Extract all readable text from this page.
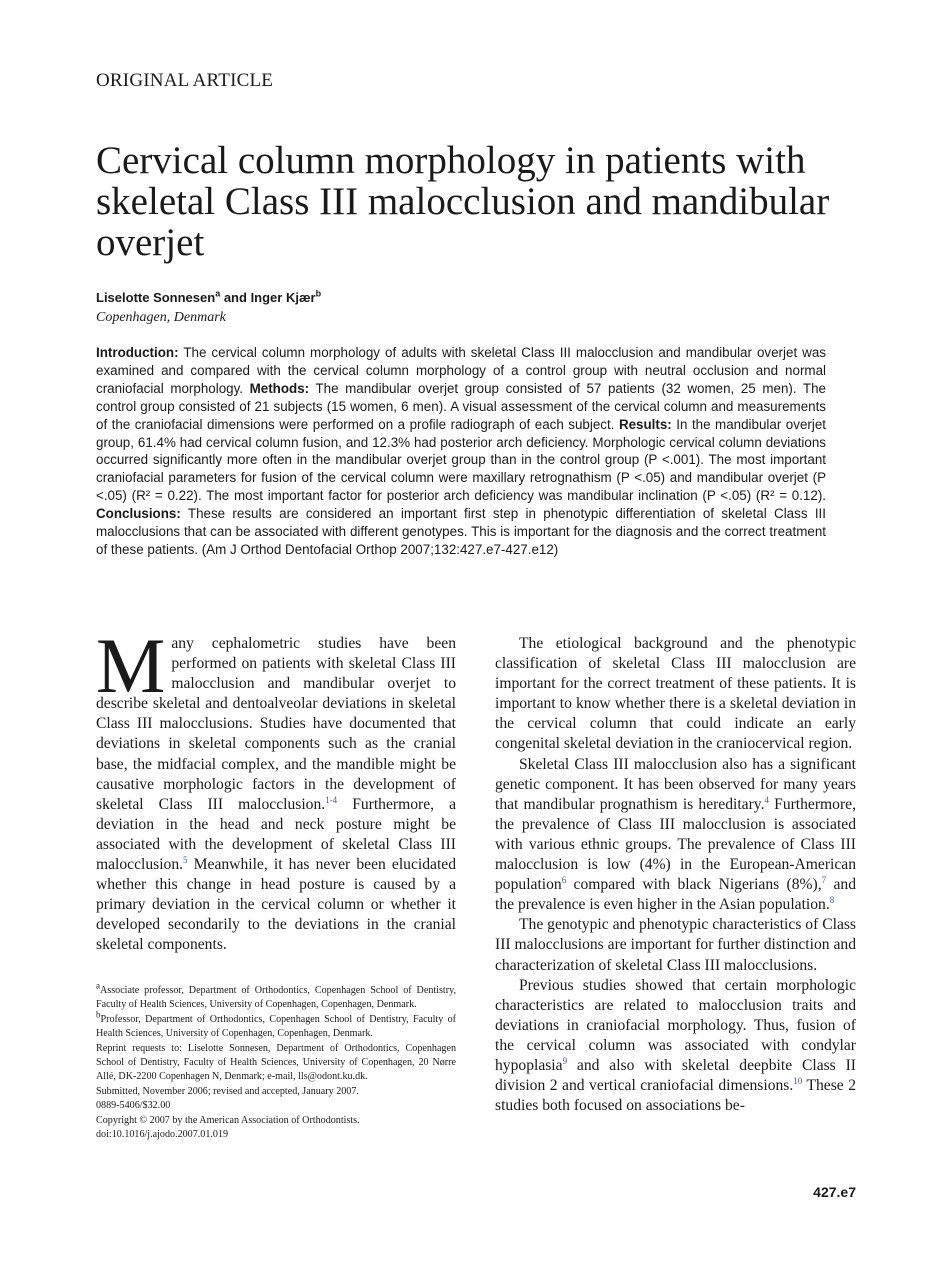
ORIGINAL ARTICLE
Cervical column morphology in patients with skeletal Class III malocclusion and mandibular overjet
Liselotte Sonnesen$^a$ and Inger Kjær$^b$
Copenhagen, Denmark

Introduction: The cervical column morphology of adults with skeletal Class III malocclusion and mandibular overjet was examined and compared with the cervical column morphology of a control group with neutral occlusion and normal craniofacial morphology. Methods: The mandibular overjet group consisted of 57 patients (32 women, 25 men). The control group consisted of 21 subjects (15 women, 6 men). A visual assessment of the cervical column and measurements of the craniofacial dimensions were performed on a profile radiograph of each subject. Results: In the mandibular overjet group, 61.4% had cervical column fusion, and 12.3% had posterior arch deficiency. Morphologic cervical column deviations occurred significantly more often in the mandibular overjet group than in the control group (P <.001). The most important craniofacial parameters for fusion of the cervical column were maxillary retrognathism (P <.05) and mandibular overjet (P <.05) (R² = 0.22). The most important factor for posterior arch deficiency was mandibular inclination (P <.05) (R² = 0.12). Conclusions: These results are considered an important first step in phenotypic differentiation of skeletal Class III malocclusions that can be associated with different genotypes. This is important for the diagnosis and the correct treatment of these patients. (Am J Orthod Dentofacial Orthop 2007;132:427.e7-427.e12)

Many cephalometric studies have been performed on patients with skeletal Class III malocclusion and mandibular overjet to describe skeletal and dentoalveolar deviations in skeletal Class III malocclusions. Studies have documented that deviations in skeletal components such as the cranial base, the midfacial complex, and the mandible might be causative morphologic factors in the development of skeletal Class III malocclusion.$^{1-4}$ Furthermore, a deviation in the head and neck posture might be associated with the development of skeletal Class III malocclusion.$^5$ Meanwhile, it has never been elucidated whether this change in head posture is caused by a primary deviation in the cervical column or whether it developed secondarily to the deviations in the cranial skeletal components.

The etiological background and the phenotypic classification of skeletal Class III malocclusion are important for the correct treatment of these patients. It is important to know whether there is a skeletal deviation in the cervical column that could indicate an early congenital skeletal deviation in the craniocervical region.

Skeletal Class III malocclusion also has a significant genetic component. It has been observed for many years that mandibular prognathism is hereditary.$^4$ Furthermore, the prevalence of Class III malocclusion is associated with various ethnic groups. The prevalence of Class III malocclusion is low (4%) in the European-American population$^6$ compared with black Nigerians (8%),$^7$ and the prevalence is even higher in the Asian population.$^8$

The genotypic and phenotypic characteristics of Class III malocclusions are important for further distinction and characterization of skeletal Class III malocclusions.

Previous studies showed that certain morphologic characteristics are related to malocclusion traits and deviations in craniofacial morphology. Thus, fusion of the cervical column was associated with condylar hypoplasia$^9$ and also with skeletal deepbite Class II division 2 and vertical craniofacial dimensions.$^{10}$ These 2 studies both focused on associations be-

$^a$Associate professor, Department of Orthodontics, Copenhagen School of Dentistry, Faculty of Health Sciences, University of Copenhagen, Copenhagen, Denmark.

$^b$Professor, Department of Orthodontics, Copenhagen School of Dentistry, Faculty of Health Sciences, University of Copenhagen, Copenhagen, Denmark.

Reprint requests to: Liselotte Sonnesen, Department of Orthodontics, Copenhagen School of Dentistry, Faculty of Health Sciences, University of Copenhagen, 20 Nørre Allé, DK-2200 Copenhagen N, Denmark; e-mail, lls@odont.ku.dk.

Submitted, November 2006; revised and accepted, January 2007.

0889-5406/$32.00

Copyright © 2007 by the American Association of Orthodontists.

doi:10.1016/j.ajodo.2007.01.019

427.e7
